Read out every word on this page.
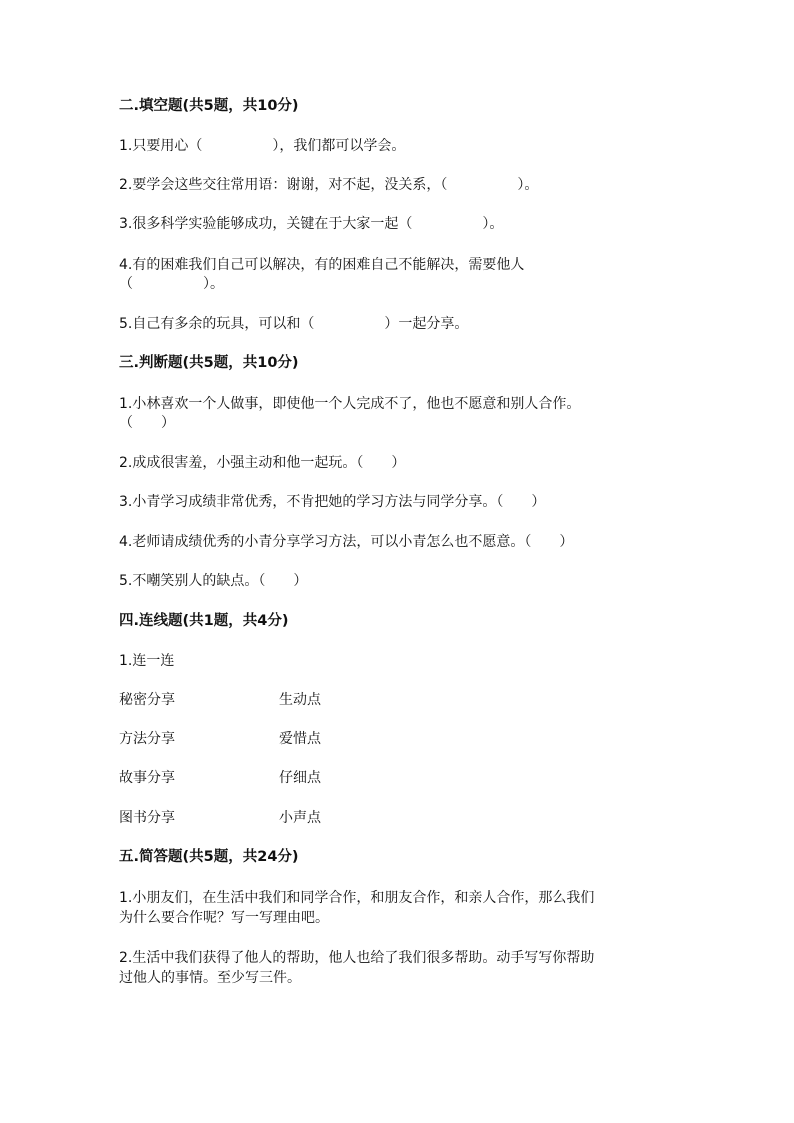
二.填空题(共5题，共10分)
1.只要用心（　　　　　），我们都可以学会。
2.要学会这些交往常用语：谢谢，对不起，没关系，（　　　　　）。
3.很多科学实验能够成功，关键在于大家一起（　　　　　）。
4.有的困难我们自己可以解决，有的困难自己不能解决，需要他人
（　　　　　）。
5.自己有多余的玩具，可以和（　　　　　）一起分享。
三.判断题(共5题，共10分)
1.小林喜欢一个人做事，即使他一个人完成不了，他也不愿意和别人合作。
（　　）
2.成成很害羞，小强主动和他一起玩。（　　）
3.小青学习成绩非常优秀，不肯把她的学习方法与同学分享。（　　）
4.老师请成绩优秀的小青分享学习方法，可以小青怎么也不愿意。（　　）
5.不嘲笑别人的缺点。（　　）
四.连线题(共1题，共4分)
1.连一连
秘密分享	生动点
方法分享	爱惜点
故事分享	仔细点
图书分享	小声点
五.简答题(共5题，共24分)
1.小朋友们，在生活中我们和同学合作，和朋友合作，和亲人合作，那么我们
为什么要合作呢？写一写理由吧。
2.生活中我们获得了他人的帮助，他人也给了我们很多帮助。动手写写你帮助
过他人的事情。至少写三件。
